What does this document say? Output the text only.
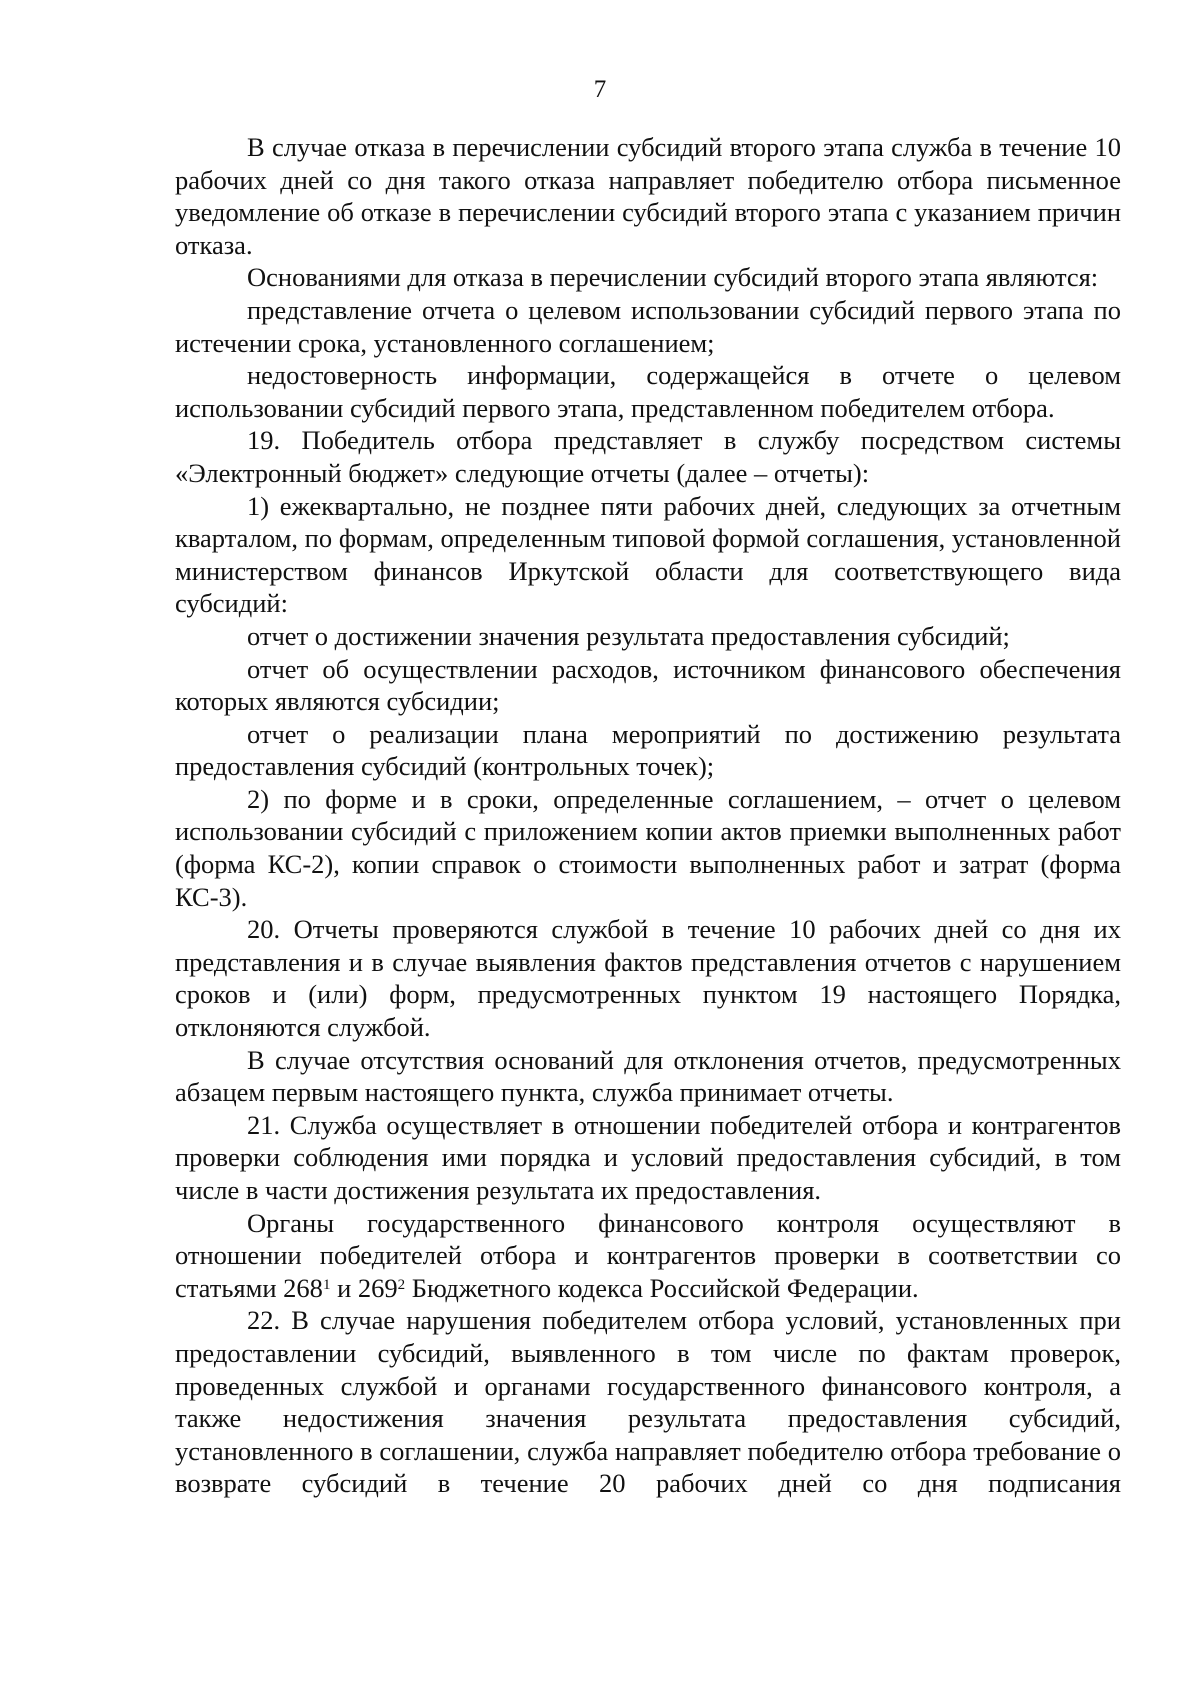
7

В случае отказа в перечислении субсидий второго этапа служба в течение 10 рабочих дней со дня такого отказа направляет победителю отбора письменное уведомление об отказе в перечислении субсидий второго этапа с указанием причин отказа.

Основаниями для отказа в перечислении субсидий второго этапа являются:

представление отчета о целевом использовании субсидий первого этапа по истечении срока, установленного соглашением;

недостоверность информации, содержащейся в отчете о целевом использовании субсидий первого этапа, представленном победителем отбора.

19. Победитель отбора представляет в службу посредством системы «Электронный бюджет» следующие отчеты (далее – отчеты):

1) ежеквартально, не позднее пяти рабочих дней, следующих за отчетным кварталом, по формам, определенным типовой формой соглашения, установленной министерством финансов Иркутской области для соответствующего вида субсидий:

отчет о достижении значения результата предоставления субсидий;

отчет об осуществлении расходов, источником финансового обеспечения которых являются субсидии;

отчет о реализации плана мероприятий по достижению результата предоставления субсидий (контрольных точек);

2) по форме и в сроки, определенные соглашением, – отчет о целевом использовании субсидий с приложением копии актов приемки выполненных работ (форма КС-2), копии справок о стоимости выполненных работ и затрат (форма КС-3).

20. Отчеты проверяются службой в течение 10 рабочих дней со дня их представления и в случае выявления фактов представления отчетов с нарушением сроков и (или) форм, предусмотренных пунктом 19 настоящего Порядка, отклоняются службой.

В случае отсутствия оснований для отклонения отчетов, предусмотренных абзацем первым настоящего пункта, служба принимает отчеты.

21. Служба осуществляет в отношении победителей отбора и контрагентов проверки соблюдения ими порядка и условий предоставления субсидий, в том числе в части достижения результата их предоставления.

Органы государственного финансового контроля осуществляют в отношении победителей отбора и контрагентов проверки в соответствии со статьями $268^1$ и $269^2$ Бюджетного кодекса Российской Федерации.

22. В случае нарушения победителем отбора условий, установленных при предоставлении субсидий, выявленного в том числе по фактам проверок, проведенных службой и органами государственного финансового контроля, а также недостижения значения результата предоставления субсидий, установленного в соглашении, служба направляет победителю отбора требование о возврате субсидий в течение 20 рабочих дней со дня подписания
